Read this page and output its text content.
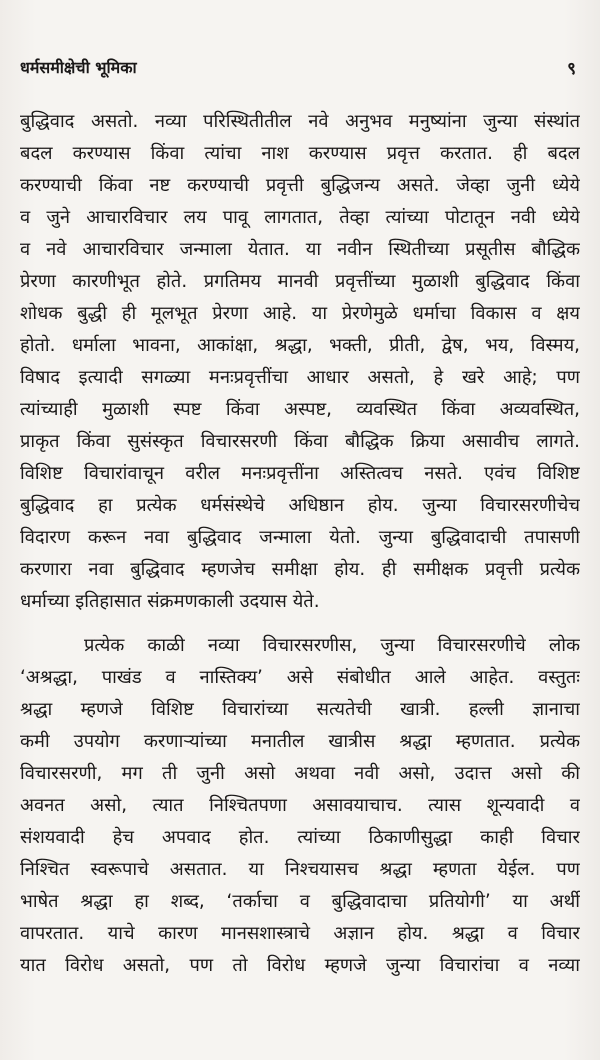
धर्मसमीक्षेची भूमिका	९
बुद्धिवाद असतो. नव्या परिस्थितीतील नवे अनुभव मनुष्यांना जुन्या संस्थांत
बदल करण्यास किंवा त्यांचा नाश करण्यास प्रवृत्त करतात. ही बदल
करण्याची किंवा नष्ट करण्याची प्रवृत्ती बुद्धिजन्य असते. जेव्हा जुनी ध्येये
व जुने आचारविचार लय पावू लागतात, तेव्हा त्यांच्या पोटातून नवी ध्येये
व नवे आचारविचार जन्माला येतात. या नवीन स्थितीच्या प्रसूतीस बौद्धिक
प्रेरणा कारणीभूत होते. प्रगतिमय मानवी प्रवृत्तींच्या मुळाशी बुद्धिवाद किंवा
शोधक बुद्धी ही मूलभूत प्रेरणा आहे. या प्रेरणेमुळे धर्माचा विकास व क्षय
होतो. धर्माला भावना, आकांक्षा, श्रद्धा, भक्ती, प्रीती, द्वेष, भय, विस्मय,
विषाद इत्यादी सगळ्या मनःप्रवृत्तींचा आधार असतो, हे खरे आहे; पण
त्यांच्याही मुळाशी स्पष्ट किंवा अस्पष्ट, व्यवस्थित किंवा अव्यवस्थित,
प्राकृत किंवा सुसंस्कृत विचारसरणी किंवा बौद्धिक क्रिया असावीच लागते.
विशिष्ट विचारांवाचून वरील मनःप्रवृत्तींना अस्तित्वच नसते. एवंच विशिष्ट
बुद्धिवाद हा प्रत्येक धर्मसंस्थेचे अधिष्ठान होय. जुन्या विचारसरणीचेच
विदारण करून नवा बुद्धिवाद जन्माला येतो. जुन्या बुद्धिवादाची तपासणी
करणारा नवा बुद्धिवाद म्हणजेच समीक्षा होय. ही समीक्षक प्रवृत्ती प्रत्येक
धर्माच्या इतिहासात संक्रमणकाली उदयास येते.
प्रत्येक काळी नव्या विचारसरणीस, जुन्या विचारसरणीचे लोक
‘अश्रद्धा, पाखंड व नास्तिक्य’ असे संबोधीत आले आहेत. वस्तुतः
श्रद्धा म्हणजे विशिष्ट विचारांच्या सत्यतेची खात्री. हल्ली ज्ञानाचा
कमी उपयोग करणाऱ्यांच्या मनातील खात्रीस श्रद्धा म्हणतात. प्रत्येक
विचारसरणी, मग ती जुनी असो अथवा नवी असो, उदात्त असो की
अवनत असो, त्यात निश्चितपणा असावयाचाच. त्यास शून्यवादी व
संशयवादी हेच अपवाद होत. त्यांच्या ठिकाणीसुद्धा काही विचार
निश्चित स्वरूपाचे असतात. या निश्चयासच श्रद्धा म्हणता येईल. पण
भाषेत श्रद्धा हा शब्द, ‘तर्काचा व बुद्धिवादाचा प्रतियोगी’ या अर्थी
वापरतात. याचे कारण मानसशास्त्राचे अज्ञान होय. श्रद्धा व विचार
यात विरोध असतो, पण तो विरोध म्हणजे जुन्या विचारांचा व नव्या
